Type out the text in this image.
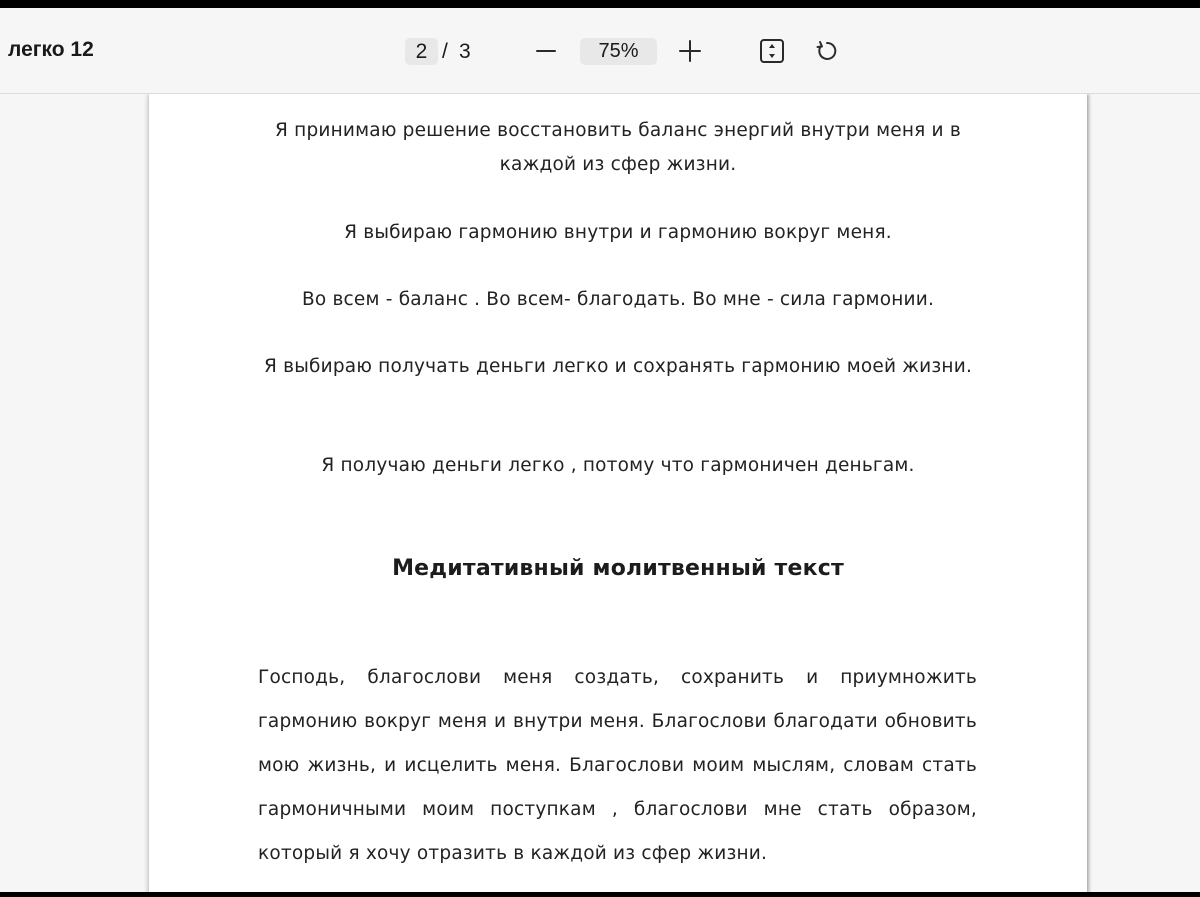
легко 12	2 / 3	75%
Я принимаю решение восстановить баланс энергий внутри меня и в каждой из сфер жизни.
Я выбираю гармонию внутри и гармонию вокруг меня.
Во всем - баланс . Во всем- благодать. Во мне - сила гармонии.
Я выбираю получать деньги легко и сохранять гармонию моей жизни.
Я получаю деньги легко , потому что гармоничен деньгам.
Медитативный молитвенный текст
Господь, благослови меня создать, сохранить и приумножить гармонию вокруг меня и внутри меня. Благослови благодати обновить мою жизнь, и исцелить меня. Благослови моим мыслям, словам стать гармоничными моим поступкам , благослови мне стать образом, который я хочу отразить в каждой из сфер жизни.
